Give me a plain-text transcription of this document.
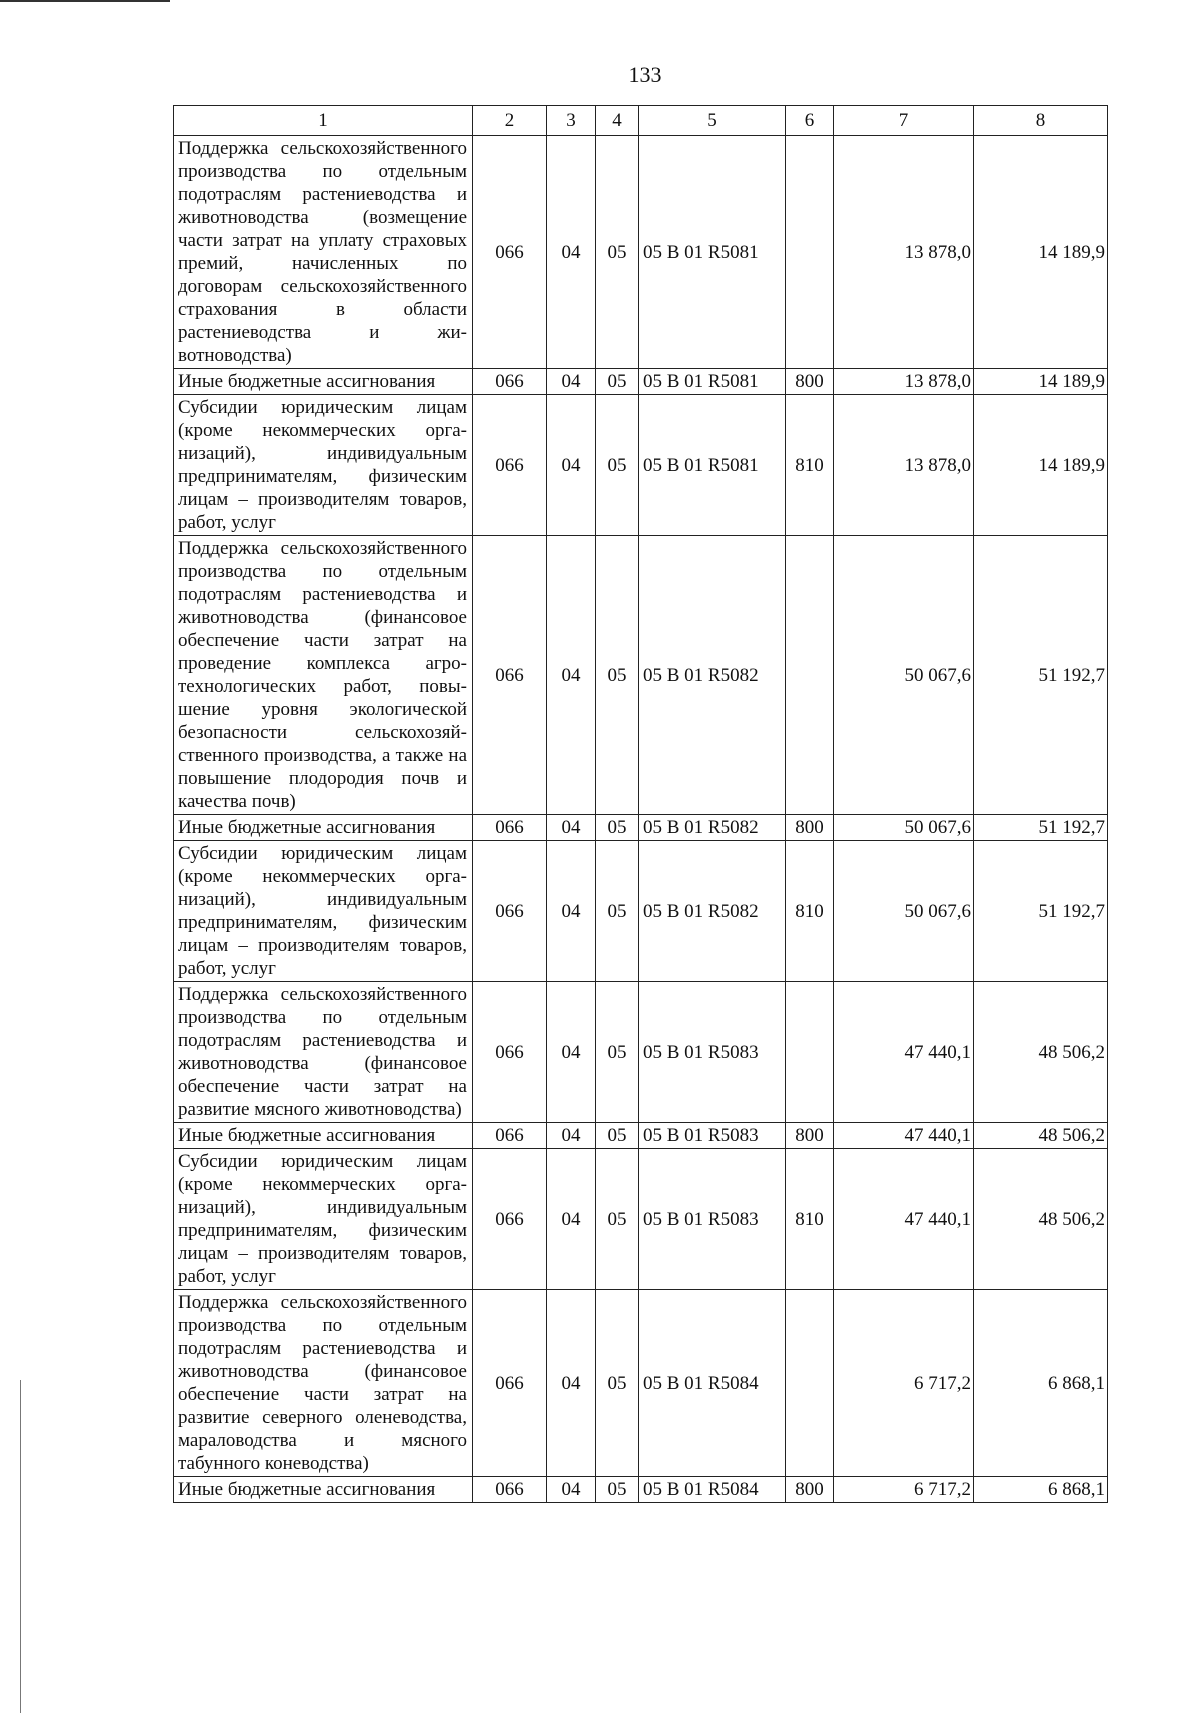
133
1	2	3	4	5	6	7	8
Поддержка сельскохозяйственного производства по отдельным подотраслям растениеводства и животноводства (возмещение части затрат на уплату страховых премий, начисленных по договорам сельскохозяйственного страхования в области растениеводства и животноводства)	066	04	05	05 В 01 R5081		13 878,0	14 189,9
Иные бюджетные ассигнования	066	04	05	05 В 01 R5081	800	13 878,0	14 189,9
Субсидии юридическим лицам (кроме некоммерческих организаций), индивидуальным предпринимателям, физическим лицам – производителям товаров, работ, услуг	066	04	05	05 В 01 R5081	810	13 878,0	14 189,9
Поддержка сельскохозяйственного производства по отдельным подотраслям растениеводства и животноводства (финансовое обеспечение части затрат на проведение комплекса агротехнологических работ, повышение уровня экологической безопасности сельскохозяйственного производства, а также на повышение плодородия почв и качества почв)	066	04	05	05 В 01 R5082		50 067,6	51 192,7
Иные бюджетные ассигнования	066	04	05	05 В 01 R5082	800	50 067,6	51 192,7
Субсидии юридическим лицам (кроме некоммерческих организаций), индивидуальным предпринимателям, физическим лицам – производителям товаров, работ, услуг	066	04	05	05 В 01 R5082	810	50 067,6	51 192,7
Поддержка сельскохозяйственного производства по отдельным подотраслям растениеводства и животноводства (финансовое обеспечение части затрат на развитие мясного животноводства)	066	04	05	05 В 01 R5083		47 440,1	48 506,2
Иные бюджетные ассигнования	066	04	05	05 В 01 R5083	800	47 440,1	48 506,2
Субсидии юридическим лицам (кроме некоммерческих организаций), индивидуальным предпринимателям, физическим лицам – производителям товаров, работ, услуг	066	04	05	05 В 01 R5083	810	47 440,1	48 506,2
Поддержка сельскохозяйственного производства по отдельным подотраслям растениеводства и животноводства (финансовое обеспечение части затрат на развитие северного оленеводства, мараловодства и мясного табунного коневодства)	066	04	05	05 В 01 R5084		6 717,2	6 868,1
Иные бюджетные ассигнования	066	04	05	05 В 01 R5084	800	6 717,2	6 868,1
